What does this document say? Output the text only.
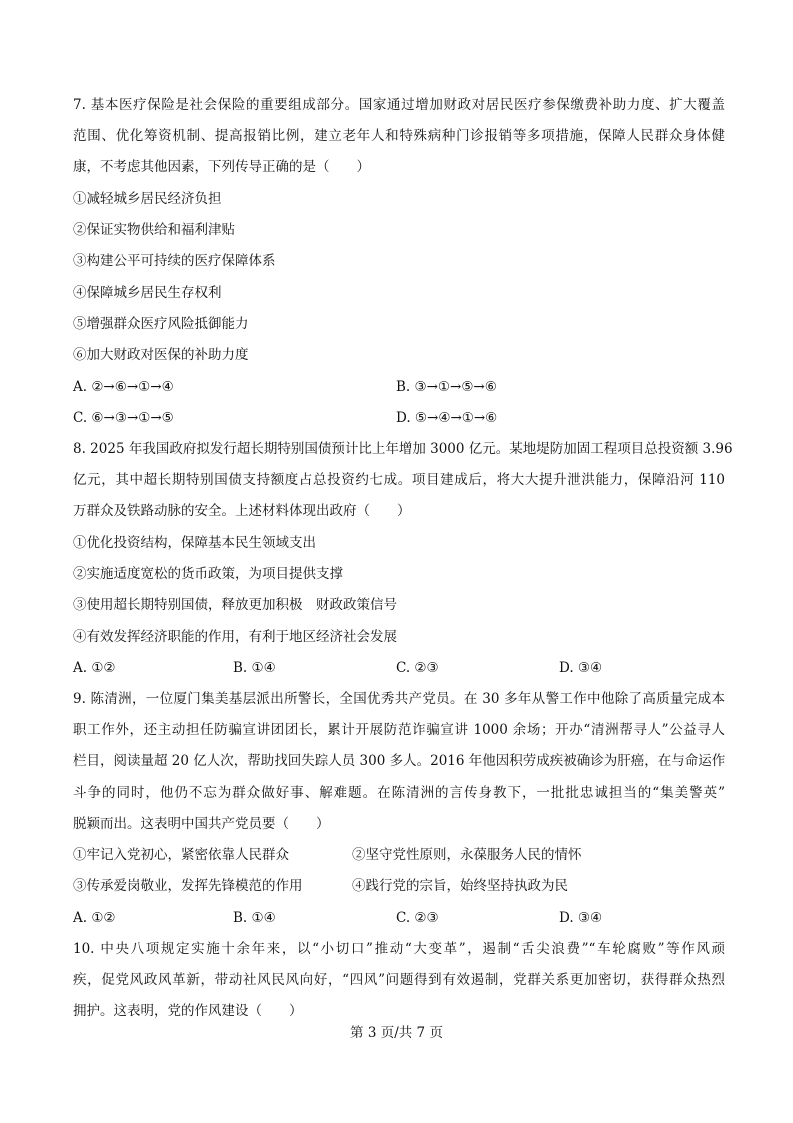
7. 基本医疗保险是社会保险的重要组成部分。国家通过增加财政对居民医疗参保缴费补助力度、扩大覆盖
范围、优化筹资机制、提高报销比例，建立老年人和特殊病种门诊报销等多项措施，保障人民群众身体健
康，不考虑其他因素，下列传导正确的是（　　）
①减轻城乡居民经济负担
②保证实物供给和福利津贴
③构建公平可持续的医疗保障体系
④保障城乡居民生存权利
⑤增强群众医疗风险抵御能力
⑥加大财政对医保的补助力度
A. ②→⑥→①→④	B. ③→①→⑤→⑥
C. ⑥→③→①→⑤	D. ⑤→④→①→⑥
8. 2025 年我国政府拟发行超长期特别国债预计比上年增加 3000 亿元。某地堤防加固工程项目总投资额 3.96
亿元，其中超长期特别国债支持额度占总投资约七成。项目建成后，将大大提升泄洪能力，保障沿河 110
万群众及铁路动脉的安全。上述材料体现出政府（　　）
①优化投资结构，保障基本民生领域支出
②实施适度宽松的货币政策，为项目提供支撑
③使用超长期特别国债，释放更加积极　财政政策信号
④有效发挥经济职能的作用，有利于地区经济社会发展
A. ①②	B. ①④	C. ②③	D. ③④
9. 陈清洲，一位厦门集美基层派出所警长，全国优秀共产党员。在 30 多年从警工作中他除了高质量完成本
职工作外，还主动担任防骗宣讲团团长，累计开展防范诈骗宣讲 1000 余场；开办“清洲帮寻人”公益寻人
栏目，阅读量超 20 亿人次，帮助找回失踪人员 300 多人。2016 年他因积劳成疾被确诊为肝癌，在与命运作
斗争的同时，他仍不忘为群众做好事、解难题。在陈清洲的言传身教下，一批批忠诚担当的“集美警英”
脱颖而出。这表明中国共产党员要（　　）
①牢记入党初心，紧密依靠人民群众	②坚守党性原则，永葆服务人民的情怀
③传承爱岗敬业，发挥先锋模范的作用	④践行党的宗旨，始终坚持执政为民
A. ①②	B. ①④	C. ②③	D. ③④
10. 中央八项规定实施十余年来，以“小切口”推动“大变革”，遏制“舌尖浪费”“车轮腐败”等作风顽
疾，促党风政风革新，带动社风民风向好，“四风”问题得到有效遏制，党群关系更加密切，获得群众热烈
拥护。这表明，党的作风建设（　　）
第 3 页/共 7 页
